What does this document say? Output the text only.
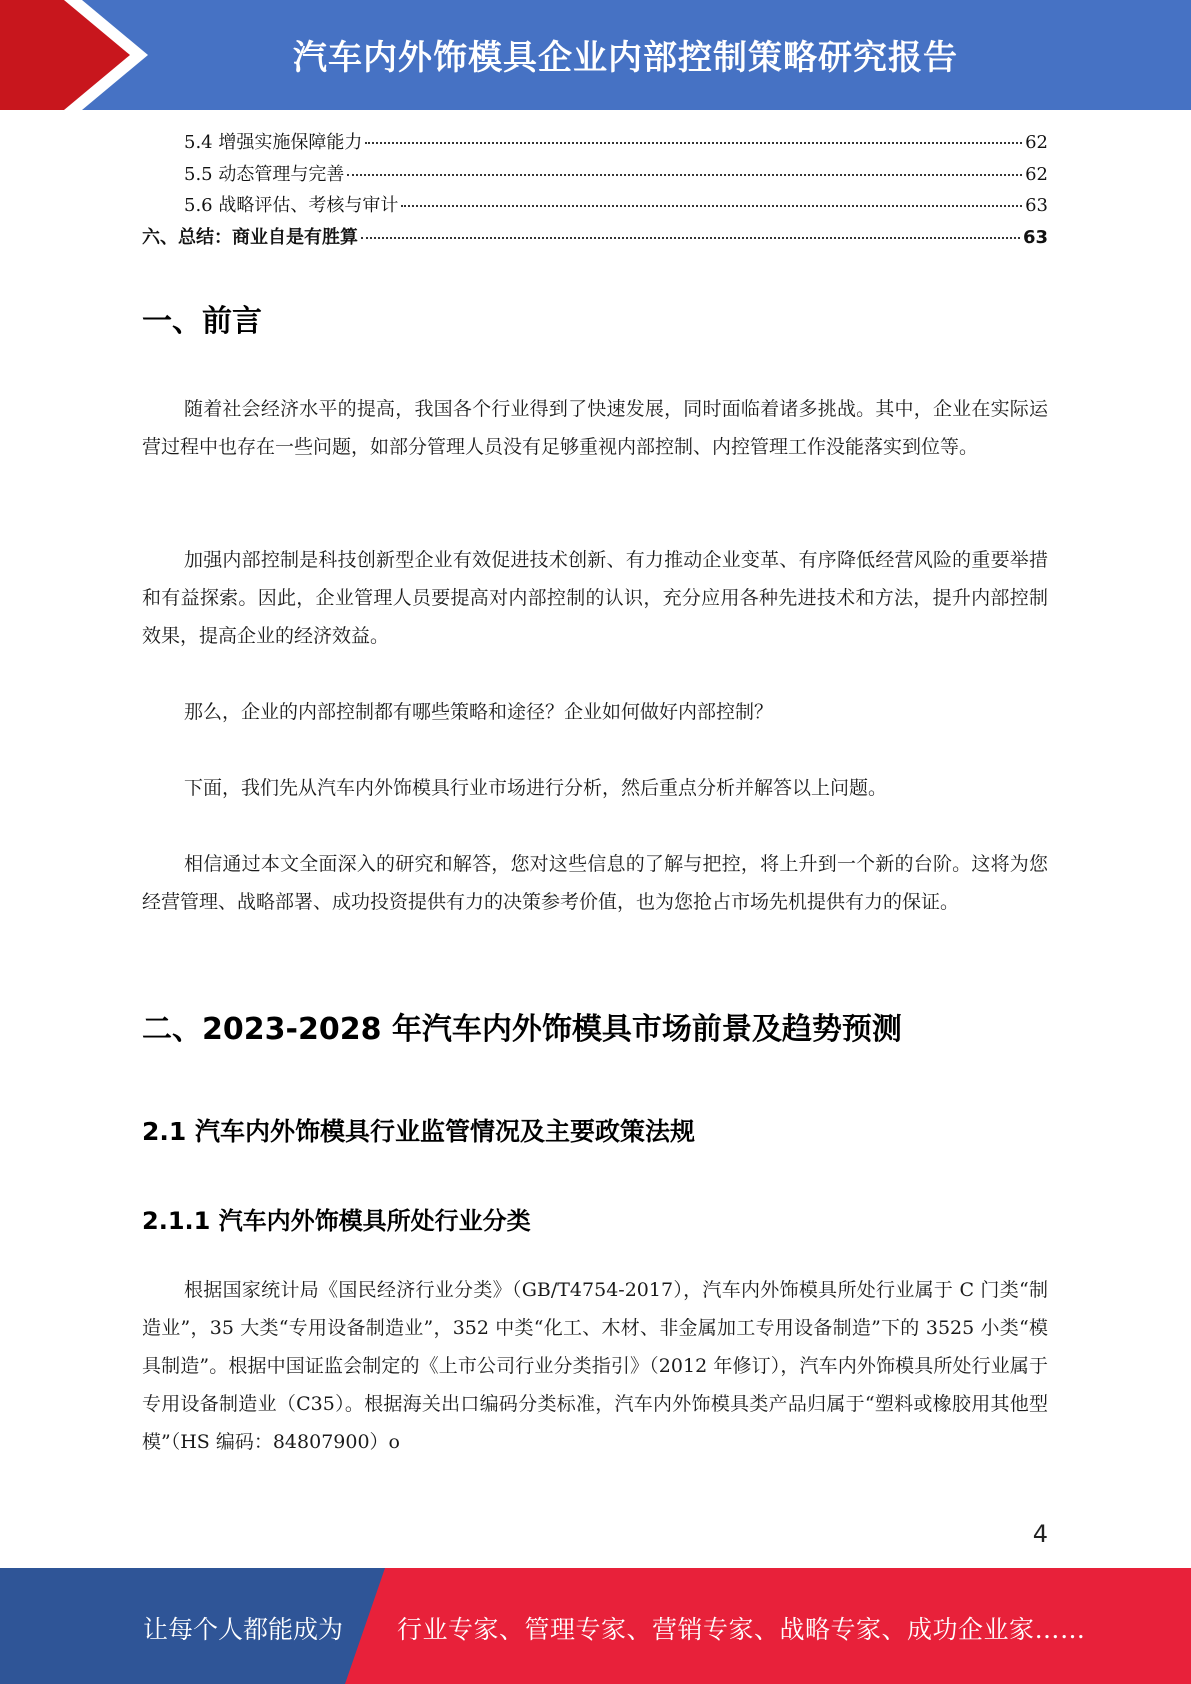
汽车内外饰模具企业内部控制策略研究报告
5.4 增强实施保障能力	62
5.5 动态管理与完善	62
5.6 战略评估、考核与审计	63
六、总结：商业自是有胜算	63
一、前言

随着社会经济水平的提高，我国各个行业得到了快速发展，同时面临着诸多挑战。其中，企业在实际运营过程中也存在一些问题，如部分管理人员没有足够重视内部控制、内控管理工作没能落实到位等。

加强内部控制是科技创新型企业有效促进技术创新、有力推动企业变革、有序降低经营风险的重要举措和有益探索。因此，企业管理人员要提高对内部控制的认识，充分应用各种先进技术和方法，提升内部控制效果，提高企业的经济效益。

那么，企业的内部控制都有哪些策略和途径？企业如何做好内部控制？

下面，我们先从汽车内外饰模具行业市场进行分析，然后重点分析并解答以上问题。

相信通过本文全面深入的研究和解答，您对这些信息的了解与把控，将上升到一个新的台阶。这将为您经营管理、战略部署、成功投资提供有力的决策参考价值，也为您抢占市场先机提供有力的保证。

二、2023-2028 年汽车内外饰模具市场前景及趋势预测
2.1 汽车内外饰模具行业监管情况及主要政策法规
2.1.1 汽车内外饰模具所处行业分类

根据国家统计局《国民经济行业分类》（GB/T4754-2017），汽车内外饰模具所处行业属于 C 门类“制造业”，35 大类“专用设备制造业”，352 中类“化工、木材、非金属加工专用设备制造”下的 3525 小类“模具制造”。根据中国证监会制定的《上市公司行业分类指引》（2012 年修订），汽车内外饰模具所处行业属于专用设备制造业（C35）。根据海关出口编码分类标准，汽车内外饰模具类产品归属于“塑料或橡胶用其他型模”（HS 编码：84807900）o

4
让每个人都能成为 行业专家、管理专家、营销专家、战略专家、成功企业家……
